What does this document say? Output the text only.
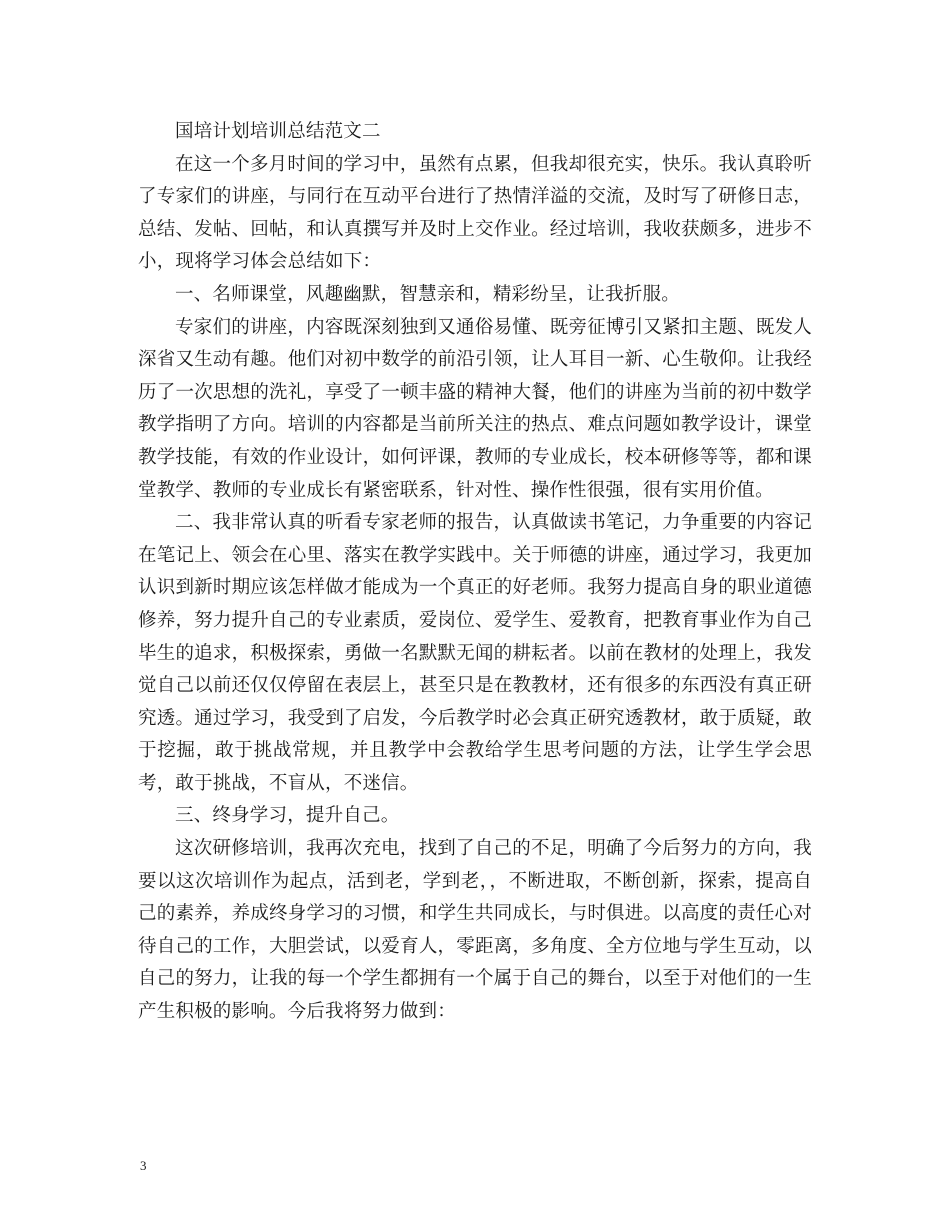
国培计划培训总结范文二

在这一个多月时间的学习中，虽然有点累，但我却很充实，快乐。我认真聆听了专家们的讲座，与同行在互动平台进行了热情洋溢的交流，及时写了研修日志，总结、发帖、回帖，和认真撰写并及时上交作业。经过培训，我收获颇多，进步不小，现将学习体会总结如下：

一、名师课堂，风趣幽默，智慧亲和，精彩纷呈，让我折服。

专家们的讲座，内容既深刻独到又通俗易懂、既旁征博引又紧扣主题、既发人深省又生动有趣。他们对初中数学的前沿引领，让人耳目一新、心生敬仰。让我经历了一次思想的洗礼，享受了一顿丰盛的精神大餐，他们的讲座为当前的初中数学教学指明了方向。培训的内容都是当前所关注的热点、难点问题如教学设计，课堂教学技能，有效的作业设计，如何评课，教师的专业成长，校本研修等等，都和课堂教学、教师的专业成长有紧密联系，针对性、操作性很强，很有实用价值。

二、我非常认真的听看专家老师的报告，认真做读书笔记，力争重要的内容记在笔记上、领会在心里、落实在教学实践中。关于师德的讲座，通过学习，我更加认识到新时期应该怎样做才能成为一个真正的好老师。我努力提高自身的职业道德修养，努力提升自己的专业素质，爱岗位、爱学生、爱教育，把教育事业作为自己毕生的追求，积极探索，勇做一名默默无闻的耕耘者。以前在教材的处理上，我发觉自己以前还仅仅停留在表层上，甚至只是在教教材，还有很多的东西没有真正研究透。通过学习，我受到了启发，今后教学时必会真正研究透教材，敢于质疑，敢于挖掘，敢于挑战常规，并且教学中会教给学生思考问题的方法，让学生学会思考，敢于挑战，不盲从，不迷信。

三、终身学习，提升自己。

这次研修培训，我再次充电，找到了自己的不足，明确了今后努力的方向，我要以这次培训作为起点，活到老，学到老，，不断进取，不断创新，探索，提高自己的素养，养成终身学习的习惯，和学生共同成长，与时俱进。以高度的责任心对待自己的工作，大胆尝试，以爱育人，零距离，多角度、全方位地与学生互动，以自己的努力，让我的每一个学生都拥有一个属于自己的舞台，以至于对他们的一生产生积极的影响。今后我将努力做到：

3
